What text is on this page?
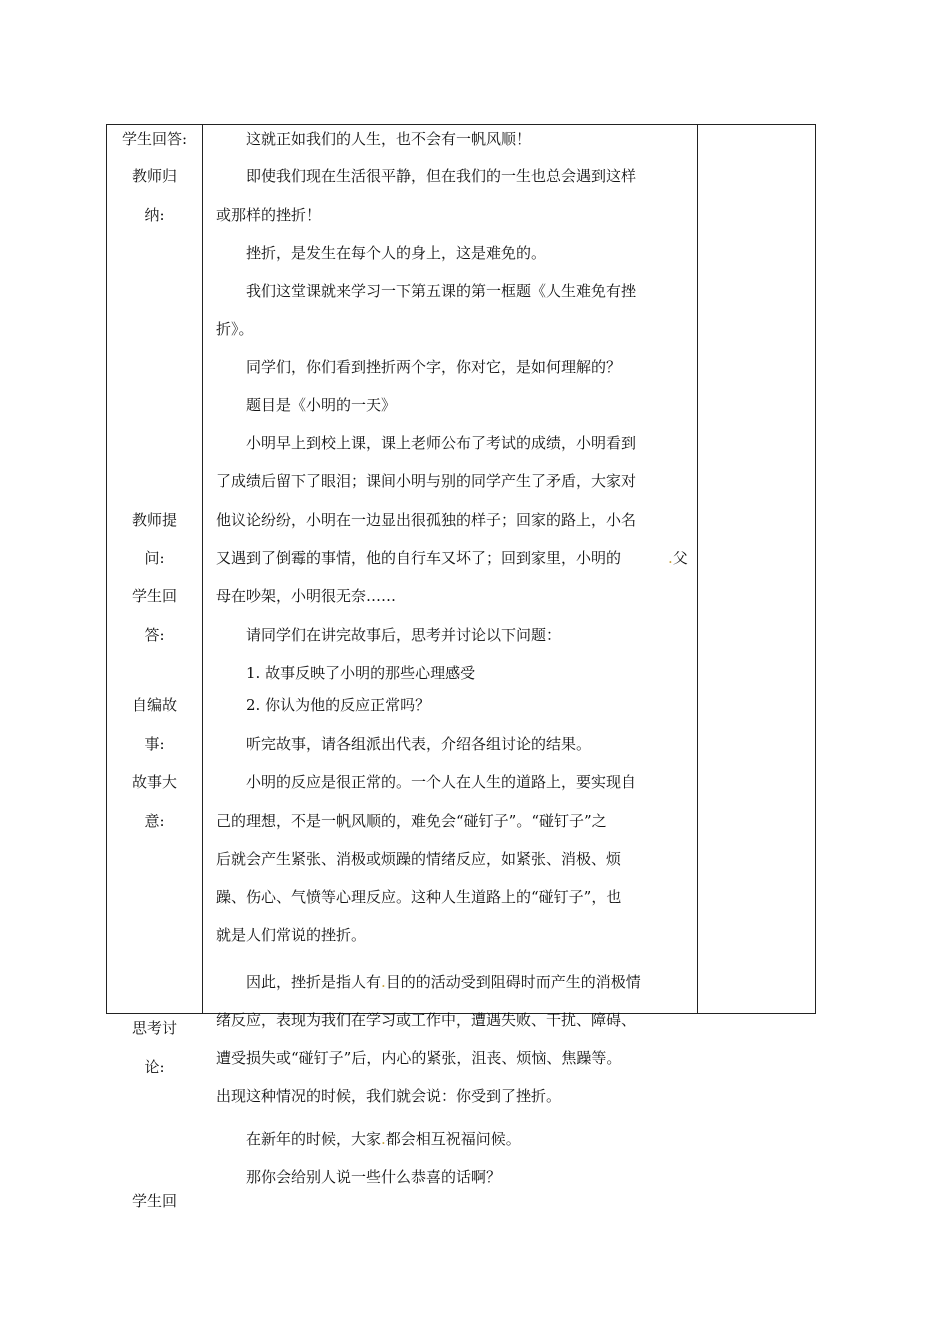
学生回答:
教师归
纳:
教师提
问:
学生回
答:
自编故
事:
故事大
意:
思考讨
论:
学生回
这就正如我们的人生，也不会有一帆风顺！
即使我们现在生活很平静，但在我们的一生也总会遇到这样
或那样的挫折！
挫折，是发生在每个人的身上，这是难免的。
我们这堂课就来学习一下第五课的第一框题《人生难免有挫
折》。
同学们，你们看到挫折两个字，你对它，是如何理解的？
题目是《小明的一天》
小明早上到校上课，课上老师公布了考试的成绩，小明看到
了成绩后留下了眼泪；课间小明与别的同学产生了矛盾，大家对
他议论纷纷，小明在一边显出很孤独的样子；回家的路上，小名
又遇到了倒霉的事情，他的自行车又坏了；回到家里，小明的	.父
母在吵架，小明很无奈……
请同学们在讲完故事后，思考并讨论以下问题：
1. 故事反映了小明的那些心理感受
2. 你认为他的反应正常吗？
听完故事，请各组派出代表，介绍各组讨论的结果。
小明的反应是很正常的。一个人在人生的道路上，要实现自
己的理想，不是一帆风顺的，难免会“碰钉子”。“碰钉子”之
后就会产生紧张、消极或烦躁的情绪反应，如紧张、消极、烦
躁、伤心、气愤等心理反应。这种人生道路上的“碰钉子”，也
就是人们常说的挫折。
因此，挫折是指人有.目的的活动受到阻碍时而产生的消极情
绪反应，表现为我们在学习或工作中，遭遇失败、干扰、障碍、
遭受损失或“碰钉子”后，内心的紧张，沮丧、烦恼、焦躁等。
出现这种情况的时候，我们就会说：你受到了挫折。
在新年的时候，大家.都会相互祝福问候。
那你会给别人说一些什么恭喜的话啊？
